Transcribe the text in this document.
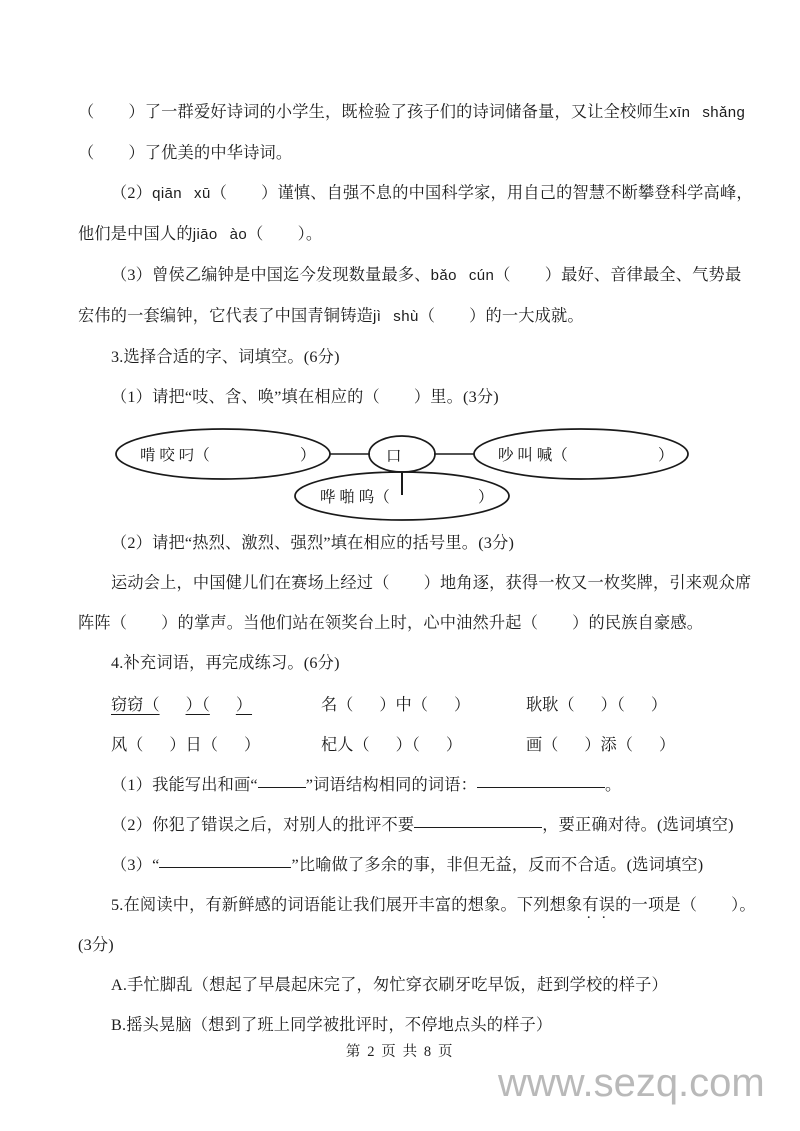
（ ）了一群爱好诗词的小学生，既检验了孩子们的诗词储备量，又让全校师生xīn shǎng
（ ）了优美的中华诗词。
（2）qiān xū（ ）谨慎、自强不息的中国科学家，用自己的智慧不断攀登科学高峰，
他们是中国人的jiāo ào（ ）。
（3）曾侯乙编钟是中国迄今发现数量最多、bǎo cún（ ）最好、音律最全、气势最
宏伟的一套编钟，它代表了中国青铜铸造jì shù（ ）的一大成就。
3.选择合适的字、词填空。(6分)
（1）请把“吱、含、唤”填在相应的（ ）里。(3分)
啃 咬 叼（	口	吵 叫 喊（
哗 啪 呜（
）	）
）
（2）请把“热烈、激烈、强烈”填在相应的括号里。(3分)
运动会上，中国健儿们在赛场上经过（ ）地角逐，获得一枚又一枚奖牌，引来观众席
阵阵（ ）的掌声。当他们站在领奖台上时，心中油然升起（ ）的民族自豪感。
4.补充词语，再完成练习。(6分)
窃窃（ ）（ ）	名（ ）中（ ）	耿耿（ ）（ ）
风（ ）日（ ）	杞人（ ）（ ）	画（ ）添（ ）
（1）我能写出和画“	”词语结构相同的词语：	。
（2）你犯了错误之后，对别人的批评不要	，要正确对待。(选词填空)
（3）“	”比喻做了多余的事，非但无益，反而不合适。(选词填空)
5.在阅读中，有新鲜感的词语能让我们展开丰富的想象。下列想象有误 ··的一项是（ ）。
(3分)
A.手忙脚乱（想起了早晨起床完了，匆忙穿衣刷牙吃早饭，赶到学校的样子）
B.摇头晃脑（想到了班上同学被批评时，不停地点头的样子）
第 2 页 共 8 页
www.sezq.com
